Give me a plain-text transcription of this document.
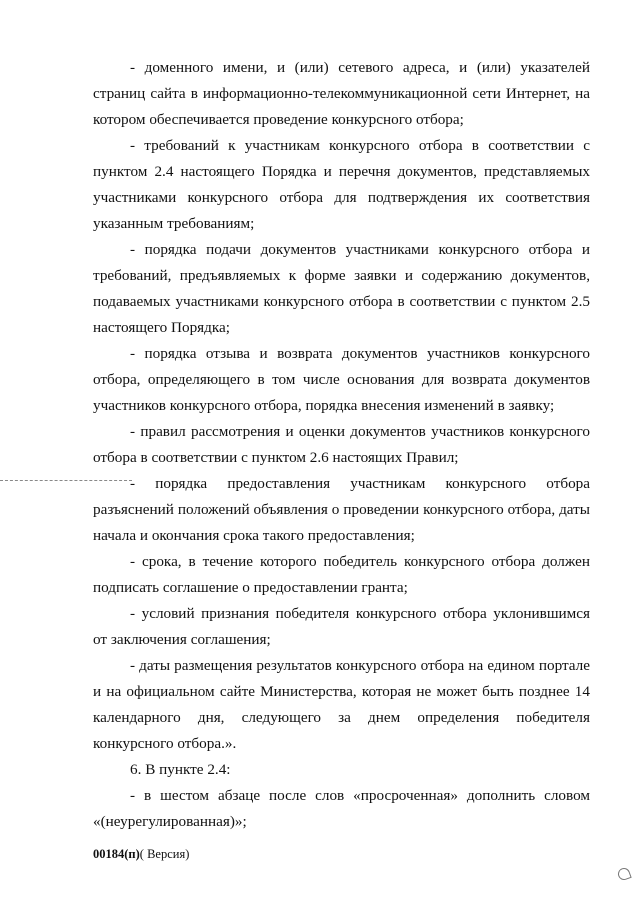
- доменного имени, и (или) сетевого адреса, и (или) указателей страниц сайта в информационно-телекоммуникационной сети Интернет, на котором обеспечивается проведение конкурсного отбора;

- требований к участникам конкурсного отбора в соответствии с пунктом 2.4 настоящего Порядка и перечня документов, представляемых участниками конкурсного отбора для подтверждения их соответствия указанным требованиям;

- порядка подачи документов участниками конкурсного отбора и требований, предъявляемых к форме заявки и содержанию документов, подаваемых участниками конкурсного отбора в соответствии с пунктом 2.5 настоящего Порядка;

- порядка отзыва и возврата документов участников конкурсного отбора, определяющего в том числе основания для возврата документов участников конкурсного отбора, порядка внесения изменений в заявку;

- правил рассмотрения и оценки документов участников конкурсного отбора в соответствии с пунктом 2.6 настоящих Правил;

- порядка предоставления участникам конкурсного отбора разъяснений положений объявления о проведении конкурсного отбора, даты начала и окончания срока такого предоставления;

- срока, в течение которого победитель конкурсного отбора должен подписать соглашение о предоставлении гранта;

- условий признания победителя конкурсного отбора уклонившимся от заключения соглашения;

- даты размещения результатов конкурсного отбора на едином портале и на официальном сайте Министерства, которая не может быть позднее 14 календарного дня, следующего за днем определения победителя конкурсного отбора.».

6. В пункте 2.4:

- в шестом абзаце после слов «просроченная» дополнить словом «(неурегулированная)»;

00184(п)( Версия)
